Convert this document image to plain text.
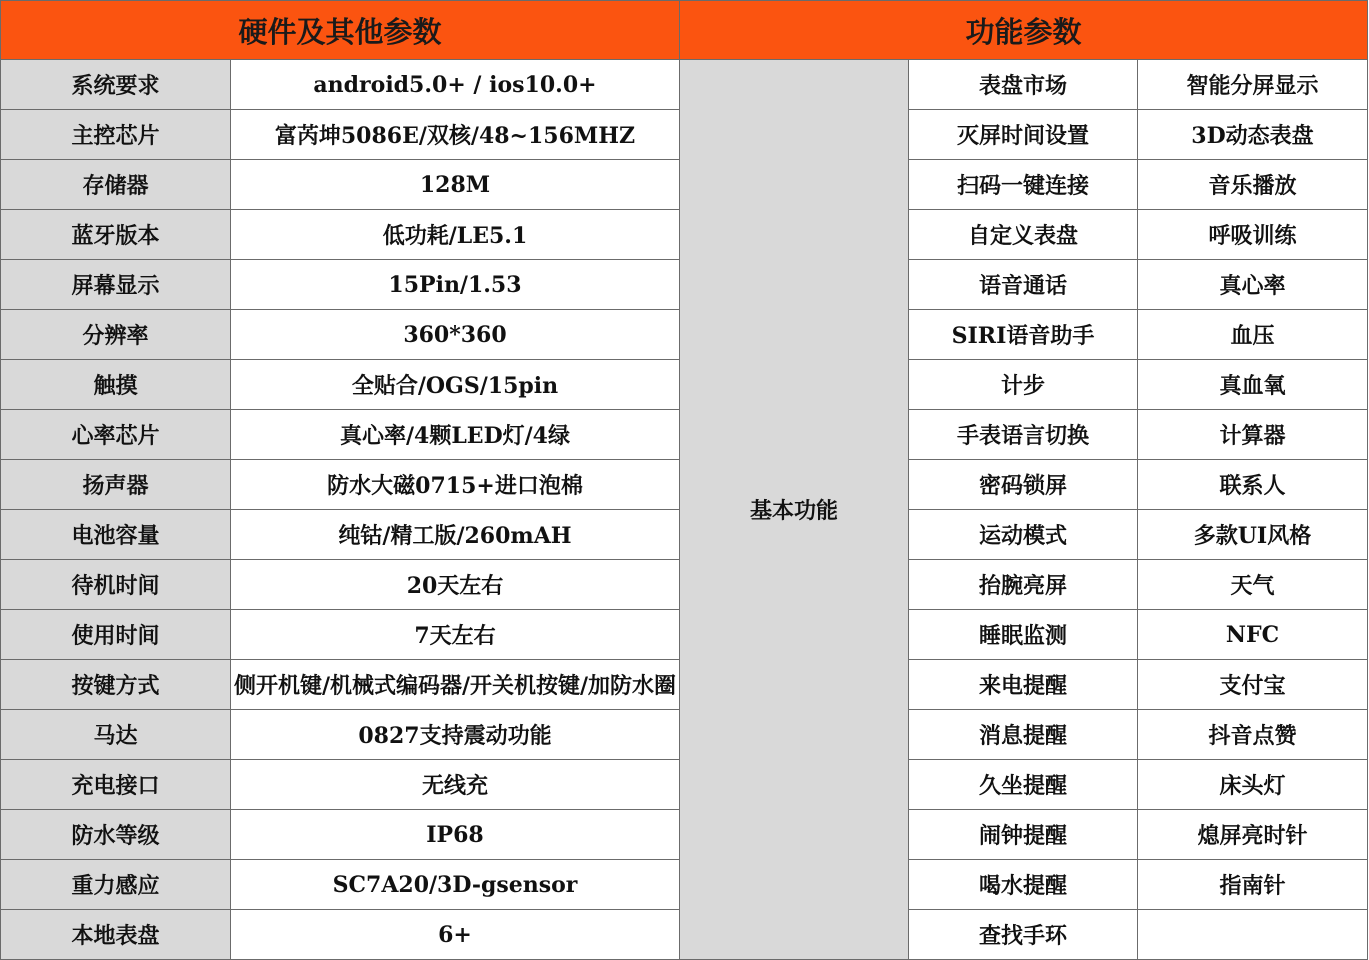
硬件及其他参数		功能参数		
系统要求	android5.0+ / ios10.0+	基本功能	表盘市场	智能分屏显示
主控芯片	富芮坤5086E/双核/48~156MHZ		灭屏时间设置	3D动态表盘
存储器	128M		扫码一键连接	音乐播放
蓝牙版本	低功耗/LE5.1		自定义表盘	呼吸训练
屏幕显示	15Pin/1.53		语音通话	真心率
分辨率	360*360		SIRI语音助手	血压
触摸	全贴合/OGS/15pin		计步	真血氧
心率芯片	真心率/4颗LED灯/4绿		手表语言切换	计算器
扬声器	防水大磁0715+进口泡棉		密码锁屏	联系人
电池容量	纯钴/精工版/260mAH		运动模式	多款UI风格
待机时间	20天左右		抬腕亮屏	天气
使用时间	7天左右		睡眠监测	NFC
按键方式	侧开机键/机械式编码器/开关机按键/加防水圈		来电提醒	支付宝
马达	0827支持震动功能		消息提醒	抖音点赞
充电接口	无线充		久坐提醒	床头灯
防水等级	IP68		闹钟提醒	熄屏亮时针
重力感应	SC7A20/3D-gsensor		喝水提醒	指南针
本地表盘	6+		查找手环	
